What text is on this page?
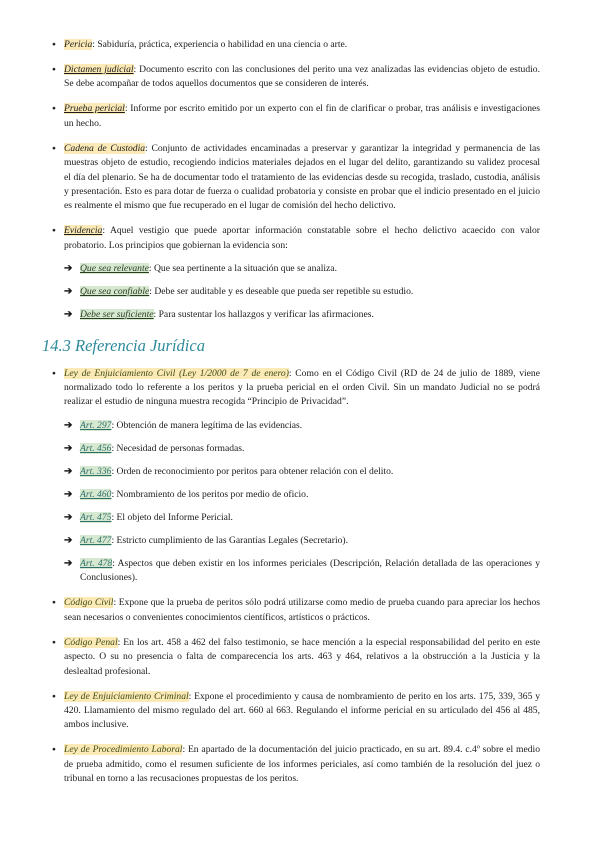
● Pericia: Sabiduría, práctica, experiencia o habilidad en una ciencia o arte.
● Dictamen judicial: Documento escrito con las conclusiones del perito una vez analizadas las evidencias objeto de estudio. Se debe acompañar de todos aquellos documentos que se consideren de interés.
● Prueba pericial: Informe por escrito emitido por un experto con el fin de clarificar o probar, tras análisis e investigaciones un hecho.
● Cadena de Custodia: Conjunto de actividades encaminadas a preservar y garantizar la integridad y permanencia de las muestras objeto de estudio, recogiendo indicios materiales dejados en el lugar del delito, garantizando su validez procesal el día del plenario. Se ha de documentar todo el tratamiento de las evidencias desde su recogida, traslado, custodia, análisis y presentación. Esto es para dotar de fuerza o cualidad probatoria y consiste en probar que el indicio presentado en el juicio es realmente el mismo que fue recuperado en el lugar de comisión del hecho delictivo.
● Evidencia: Aquel vestigio que puede aportar información constatable sobre el hecho delictivo acaecido con valor probatorio. Los principios que gobiernan la evidencia son:
➔ Que sea relevante: Que sea pertinente a la situación que se analiza.
➔ Que sea confiable: Debe ser auditable y es deseable que pueda ser repetible su estudio.
➔ Debe ser suficiente: Para sustentar los hallazgos y verificar las afirmaciones.
14.3 Referencia Jurídica
● Ley de Enjuiciamiento Civil (Ley 1/2000 de 7 de enero): Como en el Código Civil (RD de 24 de julio de 1889, viene normalizado todo lo referente a los peritos y la prueba pericial en el orden Civil. Sin un mandato Judicial no se podrá realizar el estudio de ninguna muestra recogida “Principio de Privacidad”.
➔ Art. 297: Obtención de manera legítima de las evidencias.
➔ Art. 456: Necesidad de personas formadas.
➔ Art. 336: Orden de reconocimiento por peritos para obtener relación con el delito.
➔ Art. 460: Nombramiento de los peritos por medio de oficio.
➔ Art. 475: El objeto del Informe Pericial.
➔ Art. 477: Estricto cumplimiento de las Garantías Legales (Secretario).
➔ Art. 478: Aspectos que deben existir en los informes periciales (Descripción, Relación detallada de las operaciones y Conclusiones).
● Código Civil: Expone que la prueba de peritos sólo podrá utilizarse como medio de prueba cuando para apreciar los hechos sean necesarios o convenientes conocimientos científicos, artísticos o prácticos.
● Código Penal: En los art. 458 a 462 del falso testimonio, se hace mención a la especial responsabilidad del perito en este aspecto. O su no presencia o falta de comparecencia los arts. 463 y 464, relativos a la obstrucción a la Justicia y la deslealtad profesional.
● Ley de Enjuiciamiento Criminal: Expone el procedimiento y causa de nombramiento de perito en los arts. 175, 339, 365 y 420. Llamamiento del mismo regulado del art. 660 al 663. Regulando el informe pericial en su articulado del 456 al 485, ambos inclusive.
● Ley de Procedimiento Laboral: En apartado de la documentación del juicio practicado, en su art. 89.4. c.4º sobre el medio de prueba admitido, como el resumen suficiente de los informes periciales, así como también de la resolución del juez o tribunal en torno a las recusaciones propuestas de los peritos.
